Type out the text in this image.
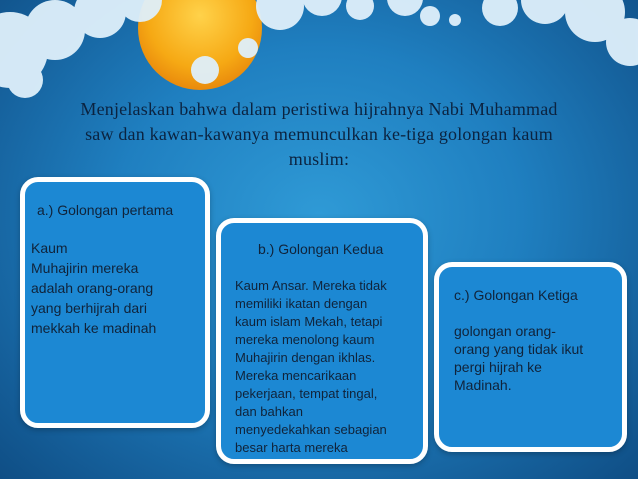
Menjelaskan bahwa dalam peristiwa hijrahnya Nabi Muhammad
saw dan kawan-kawanya memunculkan ke-tiga golongan kaum
muslim:
a.) Golongan pertama
Kaum
Muhajirin mereka
adalah orang-orang
yang berhijrah dari
mekkah ke madinah
b.) Golongan Kedua
Kaum Ansar. Mereka tidak
memiliki ikatan dengan
kaum islam Mekah, tetapi
mereka menolong kaum
Muhajirin dengan ikhlas.
Mereka mencarikaan
pekerjaan, tempat tingal,
dan bahkan
menyedekahkan sebagian
besar harta mereka
c.) Golongan Ketiga
golongan orang-
orang yang tidak ikut
pergi hijrah ke
Madinah.
